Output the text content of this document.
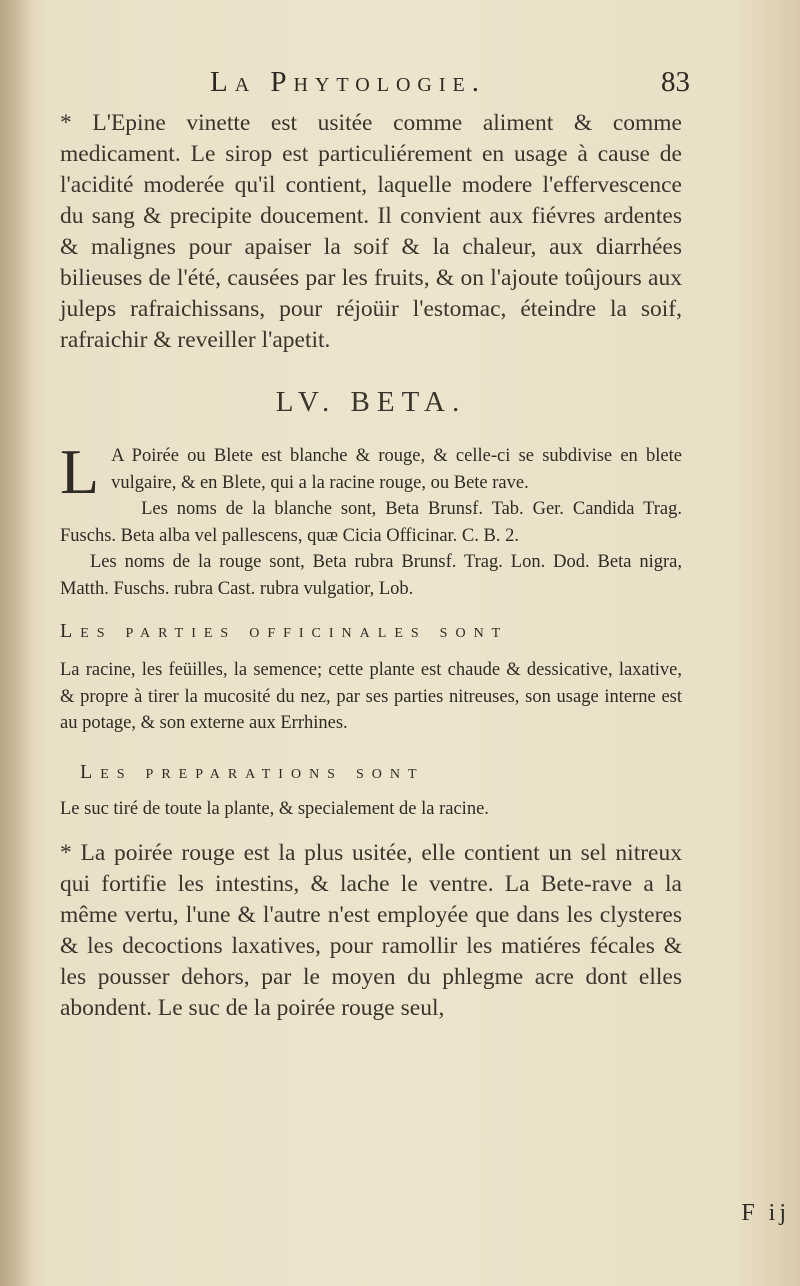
La Phytologie.	83

* L'Epine vinette est usitée comme aliment & comme medicament. Le sirop est particuliérement en usage à cause de l'acidité moderée qu'il contient, laquelle modere l'effervescence du sang & precipite doucement. Il convient aux fiévres ardentes & malignes pour apaiser la soif & la chaleur, aux diarrhées bilieuses de l'été, causées par les fruits, & on l'ajoute toûjours aux juleps rafraichissans, pour réjoüir l'estomac, éteindre la soif, rafraichir & reveiller l'apetit.

LV. BETA.
L A Poirée ou Blete est blanche & rouge, & celle-ci se subdivise en blete vulgaire, & en Blete, qui a la racine rouge, ou Bete rave.

Les noms de la blanche sont, Beta Brunsf. Tab. Ger. Candida Trag. Fuschs. Beta alba vel pallescens, quæ Cicia Officinar. C. B. 2.

Les noms de la rouge sont, Beta rubra Brunsf. Trag. Lon. Dod. Beta nigra, Matth. Fuschs. rubra Cast. rubra vulgatior, Lob.

Les parties officinales sont

La racine, les feüilles, la semence; cette plante est chaude & dessicative, laxative, & propre à tirer la mucosité du nez, par ses parties nitreuses, son usage interne est au potage, & son externe aux Errhines.

Les preparations sont

Le suc tiré de toute la plante, & specialement de la racine.

* La poirée rouge est la plus usitée, elle contient un sel nitreux qui fortifie les intestins, & lache le ventre. La Bete-rave a la même vertu, l'une & l'autre n'est employée que dans les clysteres & les decoctions laxatives, pour ramollir les matiéres fécales & les pousser dehors, par le moyen du phlegme acre dont elles abondent. Le suc de la poirée rouge seul,

F ij
